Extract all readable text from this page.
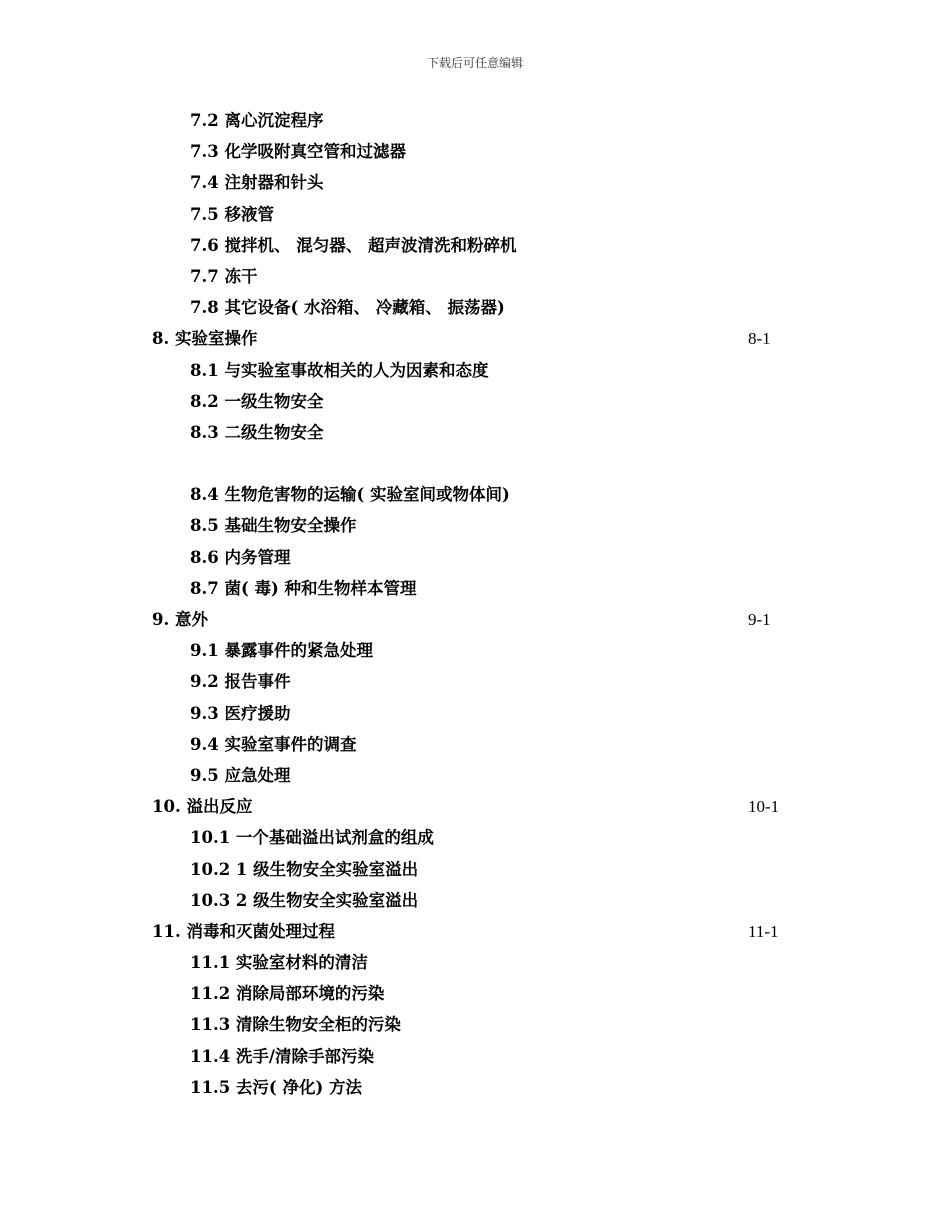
下载后可任意编辑
7.2 离心沉淀程序
7.3 化学吸附真空管和过滤器
7.4 注射器和针头
7.5 移液管
7.6 搅拌机、 混匀器、 超声波清洗和粉碎机
7.7 冻干
7.8 其它设备( 水浴箱、 冷藏箱、 振荡器)
8. 实验室操作	8-1
8.1 与实验室事故相关的人为因素和态度
8.2 一级生物安全
8.3 二级生物安全
8.4 生物危害物的运输( 实验室间或物体间)
8.5 基础生物安全操作
8.6 内务管理
8.7 菌( 毒) 种和生物样本管理
9. 意外	9-1
9.1 暴露事件的紧急处理
9.2 报告事件
9.3 医疗援助
9.4 实验室事件的调查
9.5 应急处理
10. 溢出反应	10-1
10.1 一个基础溢出试剂盒的组成
10.2 1 级生物安全实验室溢出
10.3 2 级生物安全实验室溢出
11. 消毒和灭菌处理过程	11-1
11.1 实验室材料的清洁
11.2 消除局部环境的污染
11.3 清除生物安全柜的污染
11.4 洗手/清除手部污染
11.5 去污( 净化) 方法
